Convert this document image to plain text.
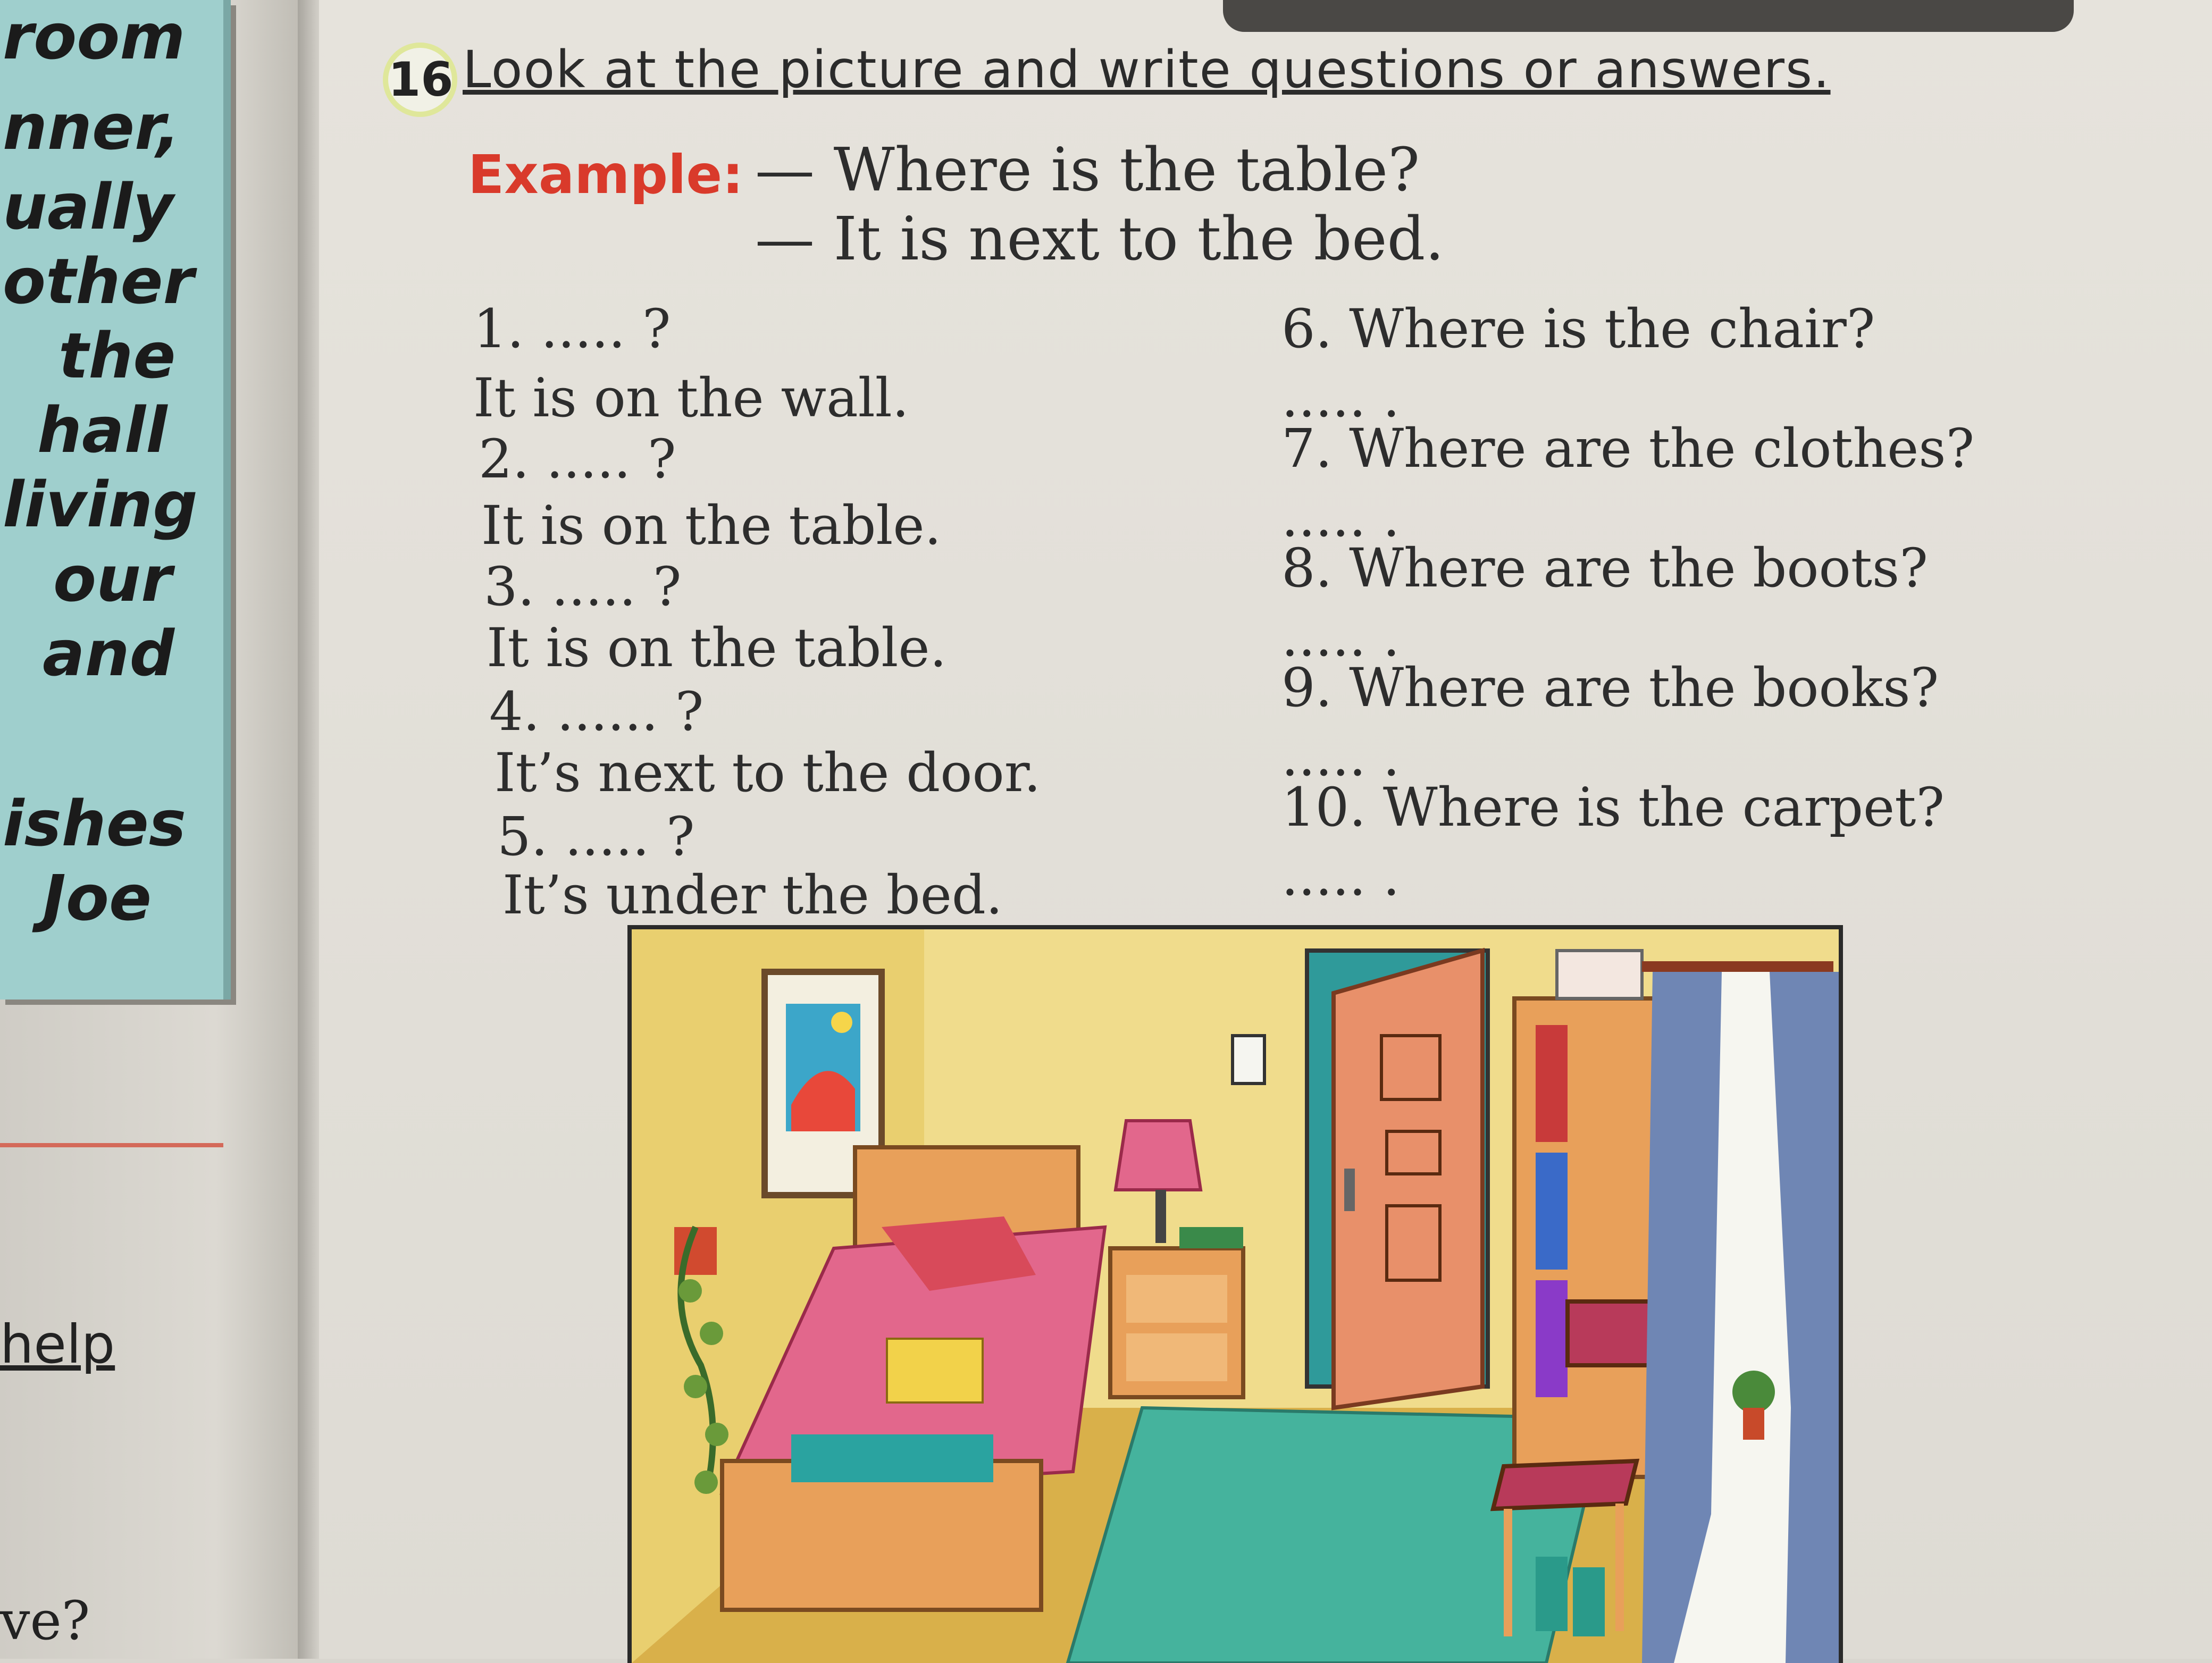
room
nner,
ually
other
the
hall
living
our
and
ishes
Joe
help
ve?
16 Look at the picture and write questions or answers.
Example: — Where is the table?
— It is next to the bed.
1. ..... ?
It is on the wall.
2. ..... ?
It is on the table.
3. ..... ?
It is on the table.
4. ...... ?
It’s next to the door.
5. ..... ?
It’s under the bed.
6. Where is the chair?
..... .
7. Where are the clothes?
..... .
8. Where are the boots?
..... .
9. Where are the books?
..... .
10. Where is the carpet?
..... .
